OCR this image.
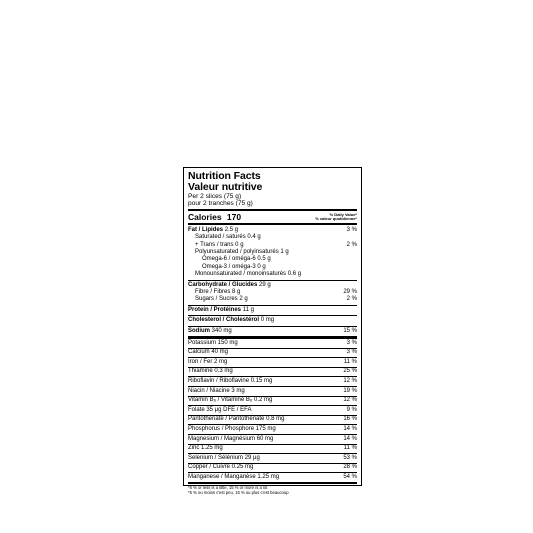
Nutrition Facts
Valeur nutritive
Per 2 slices (75 g)
pour 2 tranches (75 g)
Calories 170	% Daily Value*
% valeur quotidienne*
Fat / Lipides 2.5 g	3 %
Saturated / saturés 0.4 g
+ Trans / trans 0 g	2 %
Polyunsaturated / polyinsaturés 1 g
Omega-6 / oméga-6 0.5 g
Omega-3 / oméga-3 0 g
Monounsaturated / monoinsaturés 0.6 g
Carbohydrate / Glucides 29 g
Fibre / Fibres 8 g	29 %
Sugars / Sucres 2 g	2 %
Protein / Protéines 11 g
Cholesterol / Cholestérol 0 mg
Sodium 340 mg	15 %
Potassium 150 mg	3 %
Calcium 40 mg	3 %
Iron / Fer 2 mg	11 %
Thiamine 0.3 mg	25 %
Riboflavin / Riboflavine 0.15 mg	12 %
Niacin / Niacine 3 mg	19 %
Vitamin B₆ / Vitamine B₆ 0.2 mg	12 %
Folate 35 µg DFE / EFA	9 %
Pantothenate / Pantothénate 0.8 mg	16 %
Phosphorus / Phosphore 175 mg	14 %
Magnesium / Magnésium 60 mg	14 %
Zinc 1.25 mg	11 %
Selenium / Sélénium 29 µg	53 %
Copper / Cuivre 0.25 mg	28 %
Manganese / Manganèse 1.25 mg	54 %
*5 % or less is a little, 15 % or more is a lot
*5 % ou moins c'est peu, 15 % ou plus c'est beaucoup
